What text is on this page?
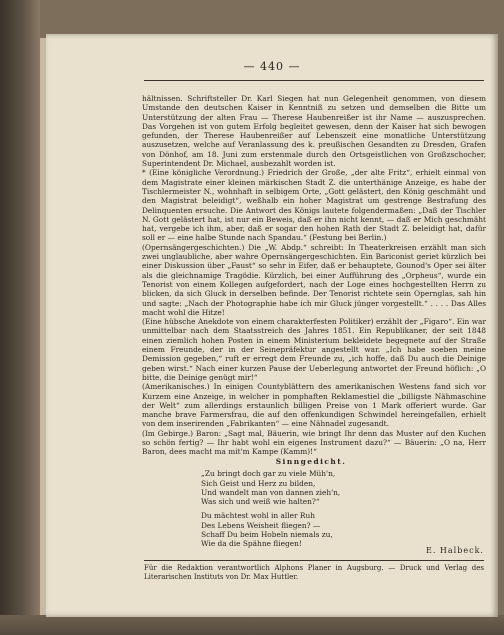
— 440 —

hältnissen. Schriftsteller Dr. Karl Siegen hat nun Gelegenheit genommen, von diesem Umstande den deutschen Kaiser in Kenntniß zu setzen und demselben die Bitte um Unterstützung der alten Frau — Therese Haubenreißer ist ihr Name — auszusprechen. Das Vorgehen ist von gutem Erfolg begleitet gewesen, denn der Kaiser hat sich bewogen gefunden, der Therese Haubenreißer auf Lebenszeit eine monatliche Unterstützung auszusetzen, welche auf Veranlassung des k. preußischen Gesandten zu Dresden, Grafen von Dönhof, am 18. Juni zum erstenmale durch den Ortsgeistlichen von Großzschocher, Superintendent Dr. Michael, ausbezahlt worden ist.

* (Eine königliche Verordnung.) Friedrich der Große, „der alte Fritz“, erhielt einmal von dem Magistrate einer kleinen märkischen Stadt Z. die unterthänige Anzeige, es habe der Tischlermeister N., wohnhaft in selbigem Orte, „Gott gelästert, den König geschmäht und den Magistrat beleidigt“, weßhalb ein hoher Magistrat um gestrenge Bestrafung des Delinquenten ersuche. Die Antwort des Königs lautete folgendermaßen: „Daß der Tischler N. Gott gelästert hat, ist nur ein Beweis, daß er ihn nicht kennt, — daß er Mich geschmäht hat, vergebe ich ihm, aber, daß er sogar den hohen Rath der Stadt Z. beleidigt hat, dafür soll er — eine halbe Stunde nach Spandau.“ (Festung bei Berlin.)

(Opernsängergeschichten.) Die „W. Abdp.“ schreibt: In Theaterkreisen erzählt man sich zwei unglaubliche, aber wahre Opernsängergeschichten. Ein Bariconist geriet kürzlich bei einer Diskussion über „Faust“ so sehr in Eifer, daß er behauptete, Gounod's Oper sei älter als die gleichnamige Tragödie. Kürzlich, bei einer Aufführung des „Orpheus“, wurde ein Tenorist von einem Kollegen aufgefordert, nach der Loge eines hochgestellten Herrn zu blicken, da sich Gluck in derselben befinde. Der Tenorist richtete sein Opernglas, sah hin und sagte: „Nach der Photographie habe ich mir Gluck jünger vorgestellt.“ . . . . Das Alles macht wohl die Hitze!

(Eine hübsche Anekdote von einem charakterfesten Politiker) erzählt der „Figaro“. Ein war unmittelbar nach dem Staatsstreich des Jahres 1851. Ein Republikaner, der seit 1848 einen ziemlich hohen Posten in einem Ministerium bekleidete begegnete auf der Straße einem Freunde, der in der Seinepräfektur angestellt war. „Ich habe soeben meine Demission gegeben,“ ruft er erregt dem Freunde zu, „ich hoffe, daß Du auch die Deinige geben wirst.“ Nach einer kurzen Pause der Ueberlegung antwortet der Freund höflich: „O bitte, die Deinige genügt mir!“

(Amerikanisches.) In einigen Countyblättern des amerikanischen Westens fand sich vor Kurzem eine Anzeige, in welcher in pomphaften Reklamestiel die „billigste Nähmaschine der Welt“ zum allerdings erstaunlich billigen Preise von 1 Mark offeriert wurde. Gar manche brave Farmersfrau, die auf den offenkundigen Schwindel hereingefallen, erhielt von dem inserirenden „Fabrikanten“ — eine Nähnadel zugesandt.

(Im Gebirge.) Baron: „Sagt mal, Bäuerin, wie bringt Ihr denn das Muster auf den Kuchen so schön fertig? — Ihr habt wohl ein eigenes Instrument dazu?“ — Bäuerin: „O na, Herr Baron, dees macht ma mit'm Kampe (Kamm)!“

Sinngedicht.
„Zu bringt doch gar zu viele Müh'n,
Sich Geist und Herz zu bilden,
Und wandelt man von dannen zieh'n,
Was sich und weiß wie halten?“
Du mächtest wohl in aller Ruh
Des Lebens Weisheit fliegen? —
Schaff Du beim Hobeln niemals zu,
Wie da die Spähne fliegen!
E. Halbeck.
Für die Redaktion verantwortlich Alphons Planer in Augsburg. — Druck und Verlag des Literarischen Instituts von Dr. Max Huttler.
